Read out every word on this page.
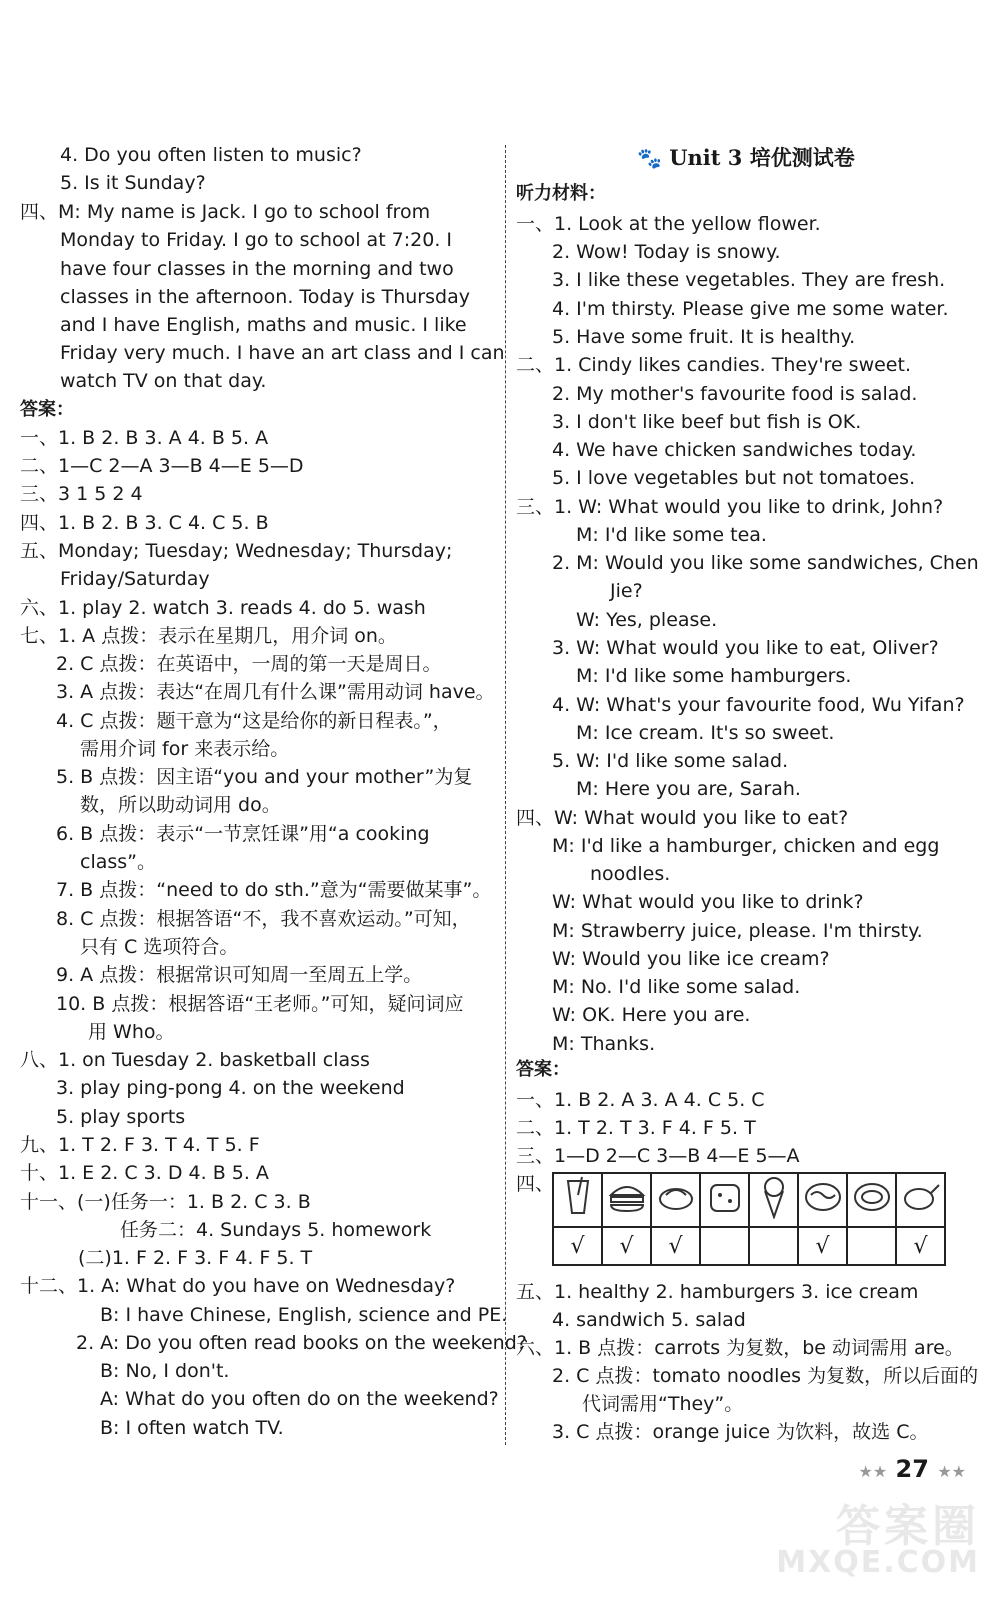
4. Do you often listen to music?
5. Is it Sunday?
四、M: My name is Jack. I go to school from
Monday to Friday. I go to school at 7:20. I
have four classes in the morning and two
classes in the afternoon. Today is Thursday
and I have English, maths and music. I like
Friday very much. I have an art class and I can
watch TV on that day.
答案：
一、1. B 2. B 3. A 4. B 5. A
二、1—C 2—A 3—B 4—E 5—D
三、3 1 5 2 4
四、1. B 2. B 3. C 4. C 5. B
五、Monday; Tuesday; Wednesday; Thursday;
Friday/Saturday
六、1. play 2. watch 3. reads 4. do 5. wash
七、1. A 点拨：表示在星期几，用介词 on。
2. C 点拨：在英语中，一周的第一天是周日。
3. A 点拨：表达“在周几有什么课”需用动词 have。
4. C 点拨：题干意为“这是给你的新日程表。”，
需用介词 for 来表示给。
5. B 点拨：因主语“you and your mother”为复
数，所以助动词用 do。
6. B 点拨：表示“一节烹饪课”用“a cooking
class”。
7. B 点拨：“need to do sth.”意为“需要做某事”。
8. C 点拨：根据答语“不，我不喜欢运动。”可知，
只有 C 选项符合。
9. A 点拨：根据常识可知周一至周五上学。
10. B 点拨：根据答语“王老师。”可知，疑问词应
用 Who。
八、1. on Tuesday 2. basketball class
3. play ping-pong 4. on the weekend
5. play sports
九、1. T 2. F 3. T 4. T 5. F
十、1. E 2. C 3. D 4. B 5. A
十一、(一)任务一：1. B 2. C 3. B
任务二：4. Sundays 5. homework
(二)1. F 2. F 3. F 4. F 5. T
十二、1. A: What do you have on Wednesday?
B: I have Chinese, English, science and PE.
2. A: Do you often read books on the weekend?
B: No, I don't.
A: What do you often do on the weekend?
B: I often watch TV.
🐾 Unit 3 培优测试卷
听力材料：
一、1. Look at the yellow flower.
2. Wow! Today is snowy.
3. I like these vegetables. They are fresh.
4. I'm thirsty. Please give me some water.
5. Have some fruit. It is healthy.
二、1. Cindy likes candies. They're sweet.
2. My mother's favourite food is salad.
3. I don't like beef but fish is OK.
4. We have chicken sandwiches today.
5. I love vegetables but not tomatoes.
三、1. W: What would you like to drink, John?
M: I'd like some tea.
2. M: Would you like some sandwiches, Chen
Jie?
W: Yes, please.
3. W: What would you like to eat, Oliver?
M: I'd like some hamburgers.
4. W: What's your favourite food, Wu Yifan?
M: Ice cream. It's so sweet.
5. W: I'd like some salad.
M: Here you are, Sarah.
四、W: What would you like to eat?
M: I'd like a hamburger, chicken and egg
noodles.
W: What would you like to drink?
M: Strawberry juice, please. I'm thirsty.
W: Would you like ice cream?
M: No. I'd like some salad.
W: OK. Here you are.
M: Thanks.
答案：
一、1. B 2. A 3. A 4. C 5. C
二、1. T 2. T 3. F 4. F 5. T
三、1—D 2—C 3—B 4—E 5—A
四、

√	√	√			√		√
五、1. healthy 2. hamburgers 3. ice cream
4. sandwich 5. salad
六、1. B 点拨：carrots 为复数，be 动词需用 are。
2. C 点拨：tomato noodles 为复数，所以后面的
代词需用“They”。
3. C 点拨：orange juice 为饮料，故选 C。
★★ 27 ★★
答案圈
MXQE.COM
